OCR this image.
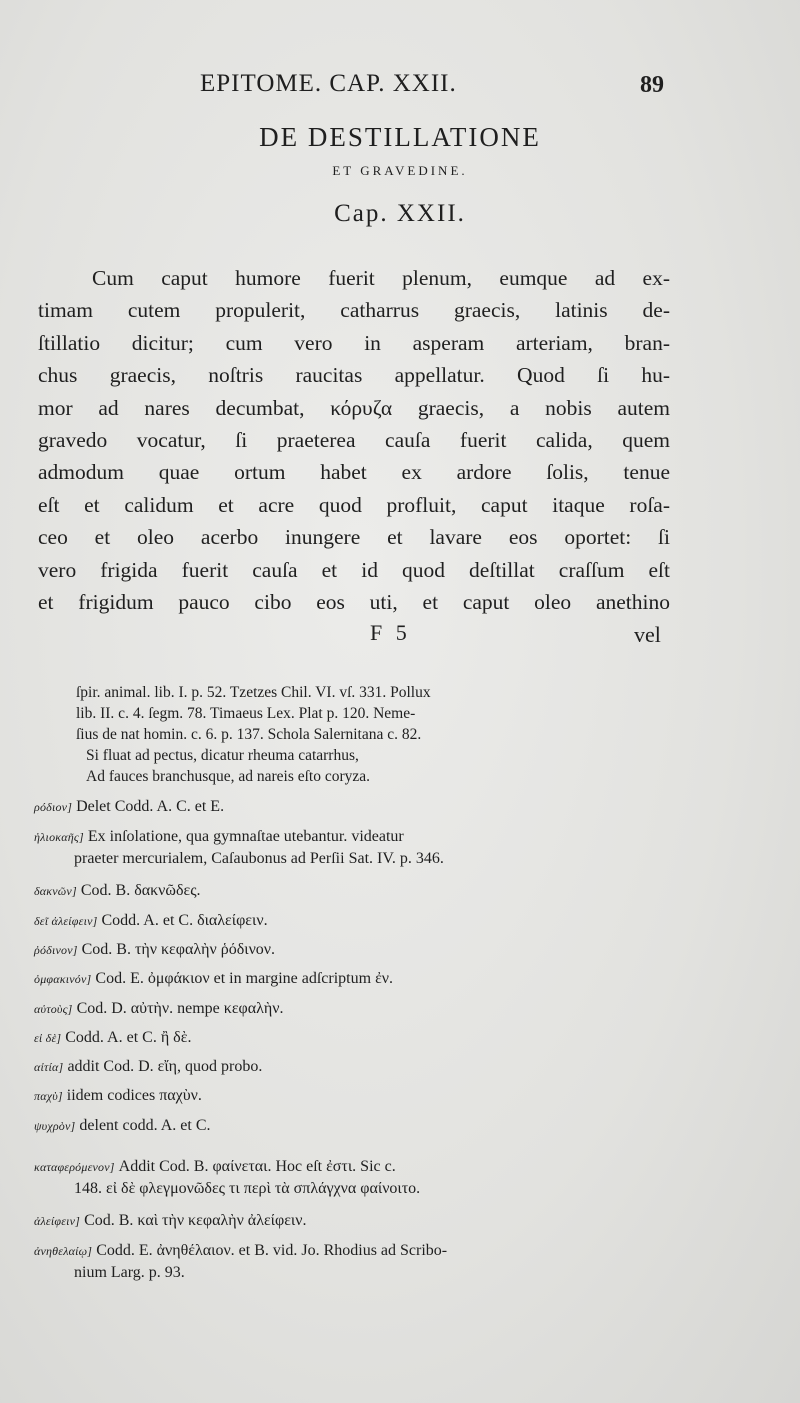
EPITOME. CAP. XXII.	89
DE DESTILLATIONE
ET GRAVEDINE.
Cap. XXII.
Cum caput humore fuerit plenum, eumque ad ex-
timam cutem propulerit, catharrus graecis, latinis de-
ſtillatio dicitur; cum vero in asperam arteriam, bran-
chus graecis, noſtris raucitas appellatur. Quod ſi hu-
mor ad nares decumbat, κόρυζα graecis, a nobis autem
gravedo vocatur, ſi praeterea cauſa fuerit calida, quem
admodum quae ortum habet ex ardore ſolis, tenue
eſt et calidum et acre quod profluit, caput itaque roſa-
ceo et oleo acerbo inungere et lavare eos oportet: ſi
vero frigida fuerit cauſa et id quod deſtillat craſſum eſt
et frigidum pauco cibo eos uti, et caput oleo anethino
F 5	vel
ſpir. animal. lib. I. p. 52. Tzetzes Chil. VI. vſ. 331. Pollux
lib. II. c. 4. ſegm. 78. Timaeus Lex. Plat p. 120. Neme-
ſius de nat homin. c. 6. p. 137. Schola Salernitana c. 82.
Si fluat ad pectus, dicatur rheuma catarrhus,
Ad fauces branchusque, ad nareis eſto coryza.
ρόδιον] Delet Codd. A. C. et E.
ἡλιοκαῆς] Ex inſolatione, qua gymnaſtae utebantur. videatur
praeter mercurialem, Caſaubonus ad Perſii Sat. IV. p. 346.
δακνῶν] Cod. B. δακνῶδες.
δεῖ ἀλείφειν] Codd. A. et C. διαλείφειν.
ῥόδινον] Cod. B. τὴν κεφαλὴν ῥόδινον.
ὀμφακινόν] Cod. E. ὀμφάκιον et in margine adſcriptum ἐν.
αὐτοὺς] Cod. D. αὐτὴν. nempe κεφαλὴν.
εἰ δὲ] Codd. A. et C. ἢ δὲ.
αἰτία] addit Cod. D. εἴη, quod probo.
παχὺ] iidem codices παχὺν.
ψυχρὸν] delent codd. A. et C.
καταφερόμενον] Addit Cod. B. φαίνεται. Hoc eſt ἐστι. Sic c.
148. εἰ δὲ φλεγμονῶδες τι περὶ τὰ σπλάγχνα φαίνοιτο.
ἀλείφειν] Cod. B. καὶ τὴν κεφαλὴν ἀλείφειν.
ἀνηθελαίῳ] Codd. E. ἀνηθέλαιον. et B. vid. Jo. Rhodius ad Scribo-
nium Larg. p. 93.
